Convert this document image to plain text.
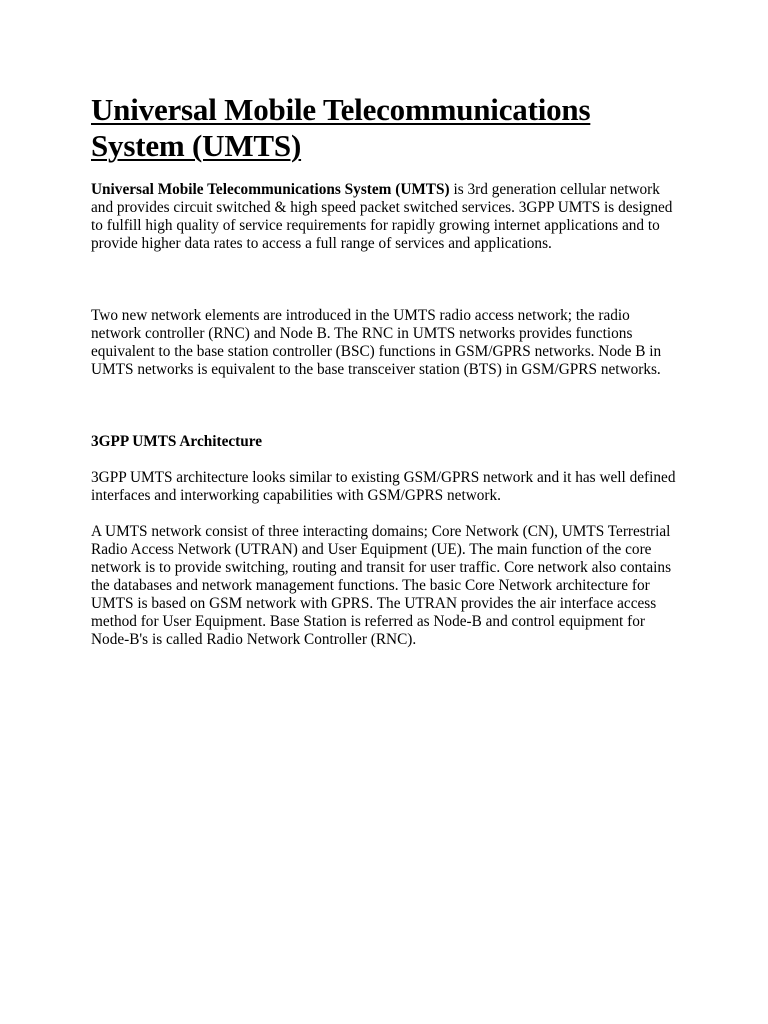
Universal Mobile Telecommunications System (UMTS)

Universal Mobile Telecommunications System (UMTS) is 3rd generation cellular network and provides circuit switched & high speed packet switched services. 3GPP UMTS is designed to fulfill high quality of service requirements for rapidly growing internet applications and to provide higher data rates to access a full range of services and applications.

Two new network elements are introduced in the UMTS radio access network; the radio network controller (RNC) and Node B. The RNC in UMTS networks provides functions equivalent to the base station controller (BSC) functions in GSM/GPRS networks. Node B in UMTS networks is equivalent to the base transceiver station (BTS) in GSM/GPRS networks.

3GPP UMTS Architecture

3GPP UMTS architecture looks similar to existing GSM/GPRS network and it has well defined interfaces and interworking capabilities with GSM/GPRS network.

A UMTS network consist of three interacting domains; Core Network (CN), UMTS Terrestrial Radio Access Network (UTRAN) and User Equipment (UE). The main function of the core network is to provide switching, routing and transit for user traffic. Core network also contains the databases and network management functions. The basic Core Network architecture for UMTS is based on GSM network with GPRS. The UTRAN provides the air interface access method for User Equipment. Base Station is referred as Node-B and control equipment for Node-B's is called Radio Network Controller (RNC).
